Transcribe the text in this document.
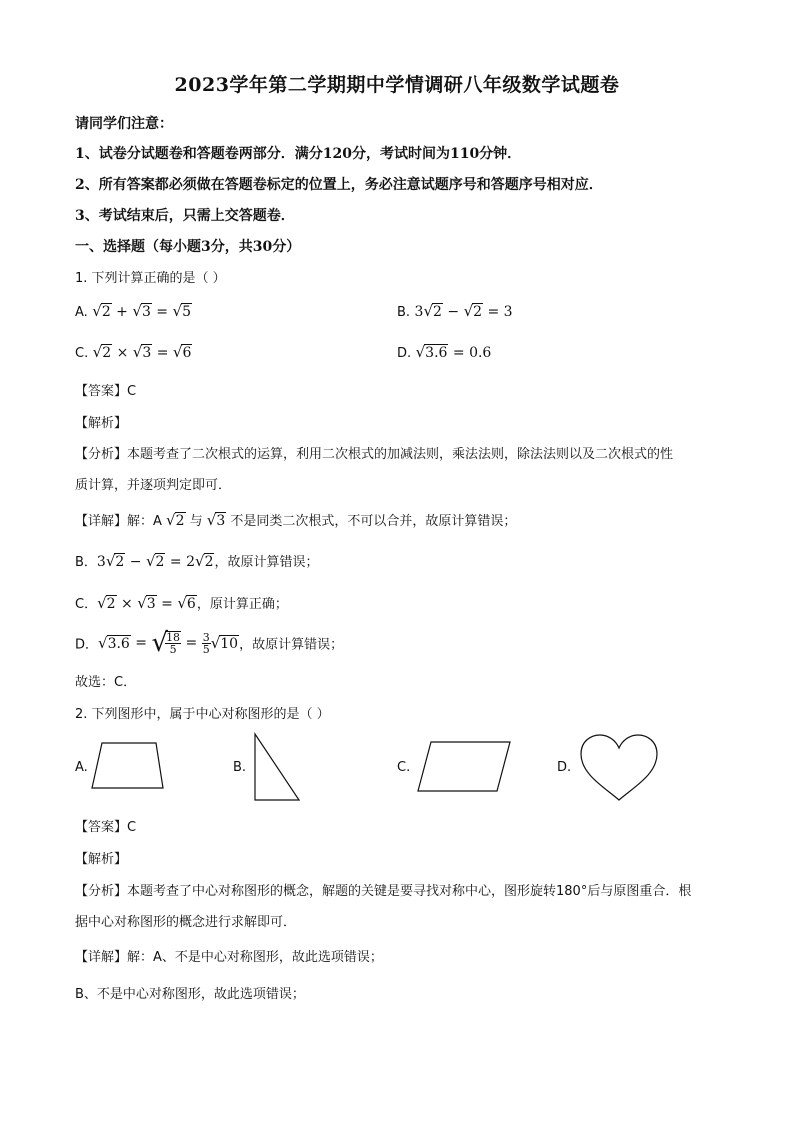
2023学年第二学期期中学情调研八年级数学试题卷
请同学们注意：
1、试卷分试题卷和答题卷两部分．满分120分，考试时间为110分钟．
2、所有答案都必须做在答题卷标定的位置上，务必注意试题序号和答题序号相对应．
3、考试结束后，只需上交答题卷．
一、选择题（每小题3分，共30分）
1. 下列计算正确的是（ ）
A. √2 + √3 = √5	B. 3√2 − √2 = 3
C. √2 × √3 = √6	D. √3.6 = 0.6
【答案】C
【解析】
【分析】本题考查了二次根式的运算，利用二次根式的加减法则，乘法法则，除法法则以及二次根式的性
质计算，并逐项判定即可．
【详解】解：A √2 与 √3 不是同类二次根式，不可以合并，故原计算错误；
B．3√2 − √2 = 2√2，故原计算错误；
C．√2 × √3 = √6，原计算正确；
D．√3.6 = √
$\frac{18}{5} = \frac{3}{5} √10$，故原计算错误；
故选：C．
2. 下列图形中，属于中心对称图形的是（ ）
A.	B.	C.	D.
【答案】C
【解析】
【分析】本题考查了中心对称图形的概念，解题的关键是要寻找对称中心，图形旋转180°后与原图重合．根
据中心对称图形的概念进行求解即可．
【详解】解：A、不是中心对称图形，故此选项错误；
B、不是中心对称图形，故此选项错误；
